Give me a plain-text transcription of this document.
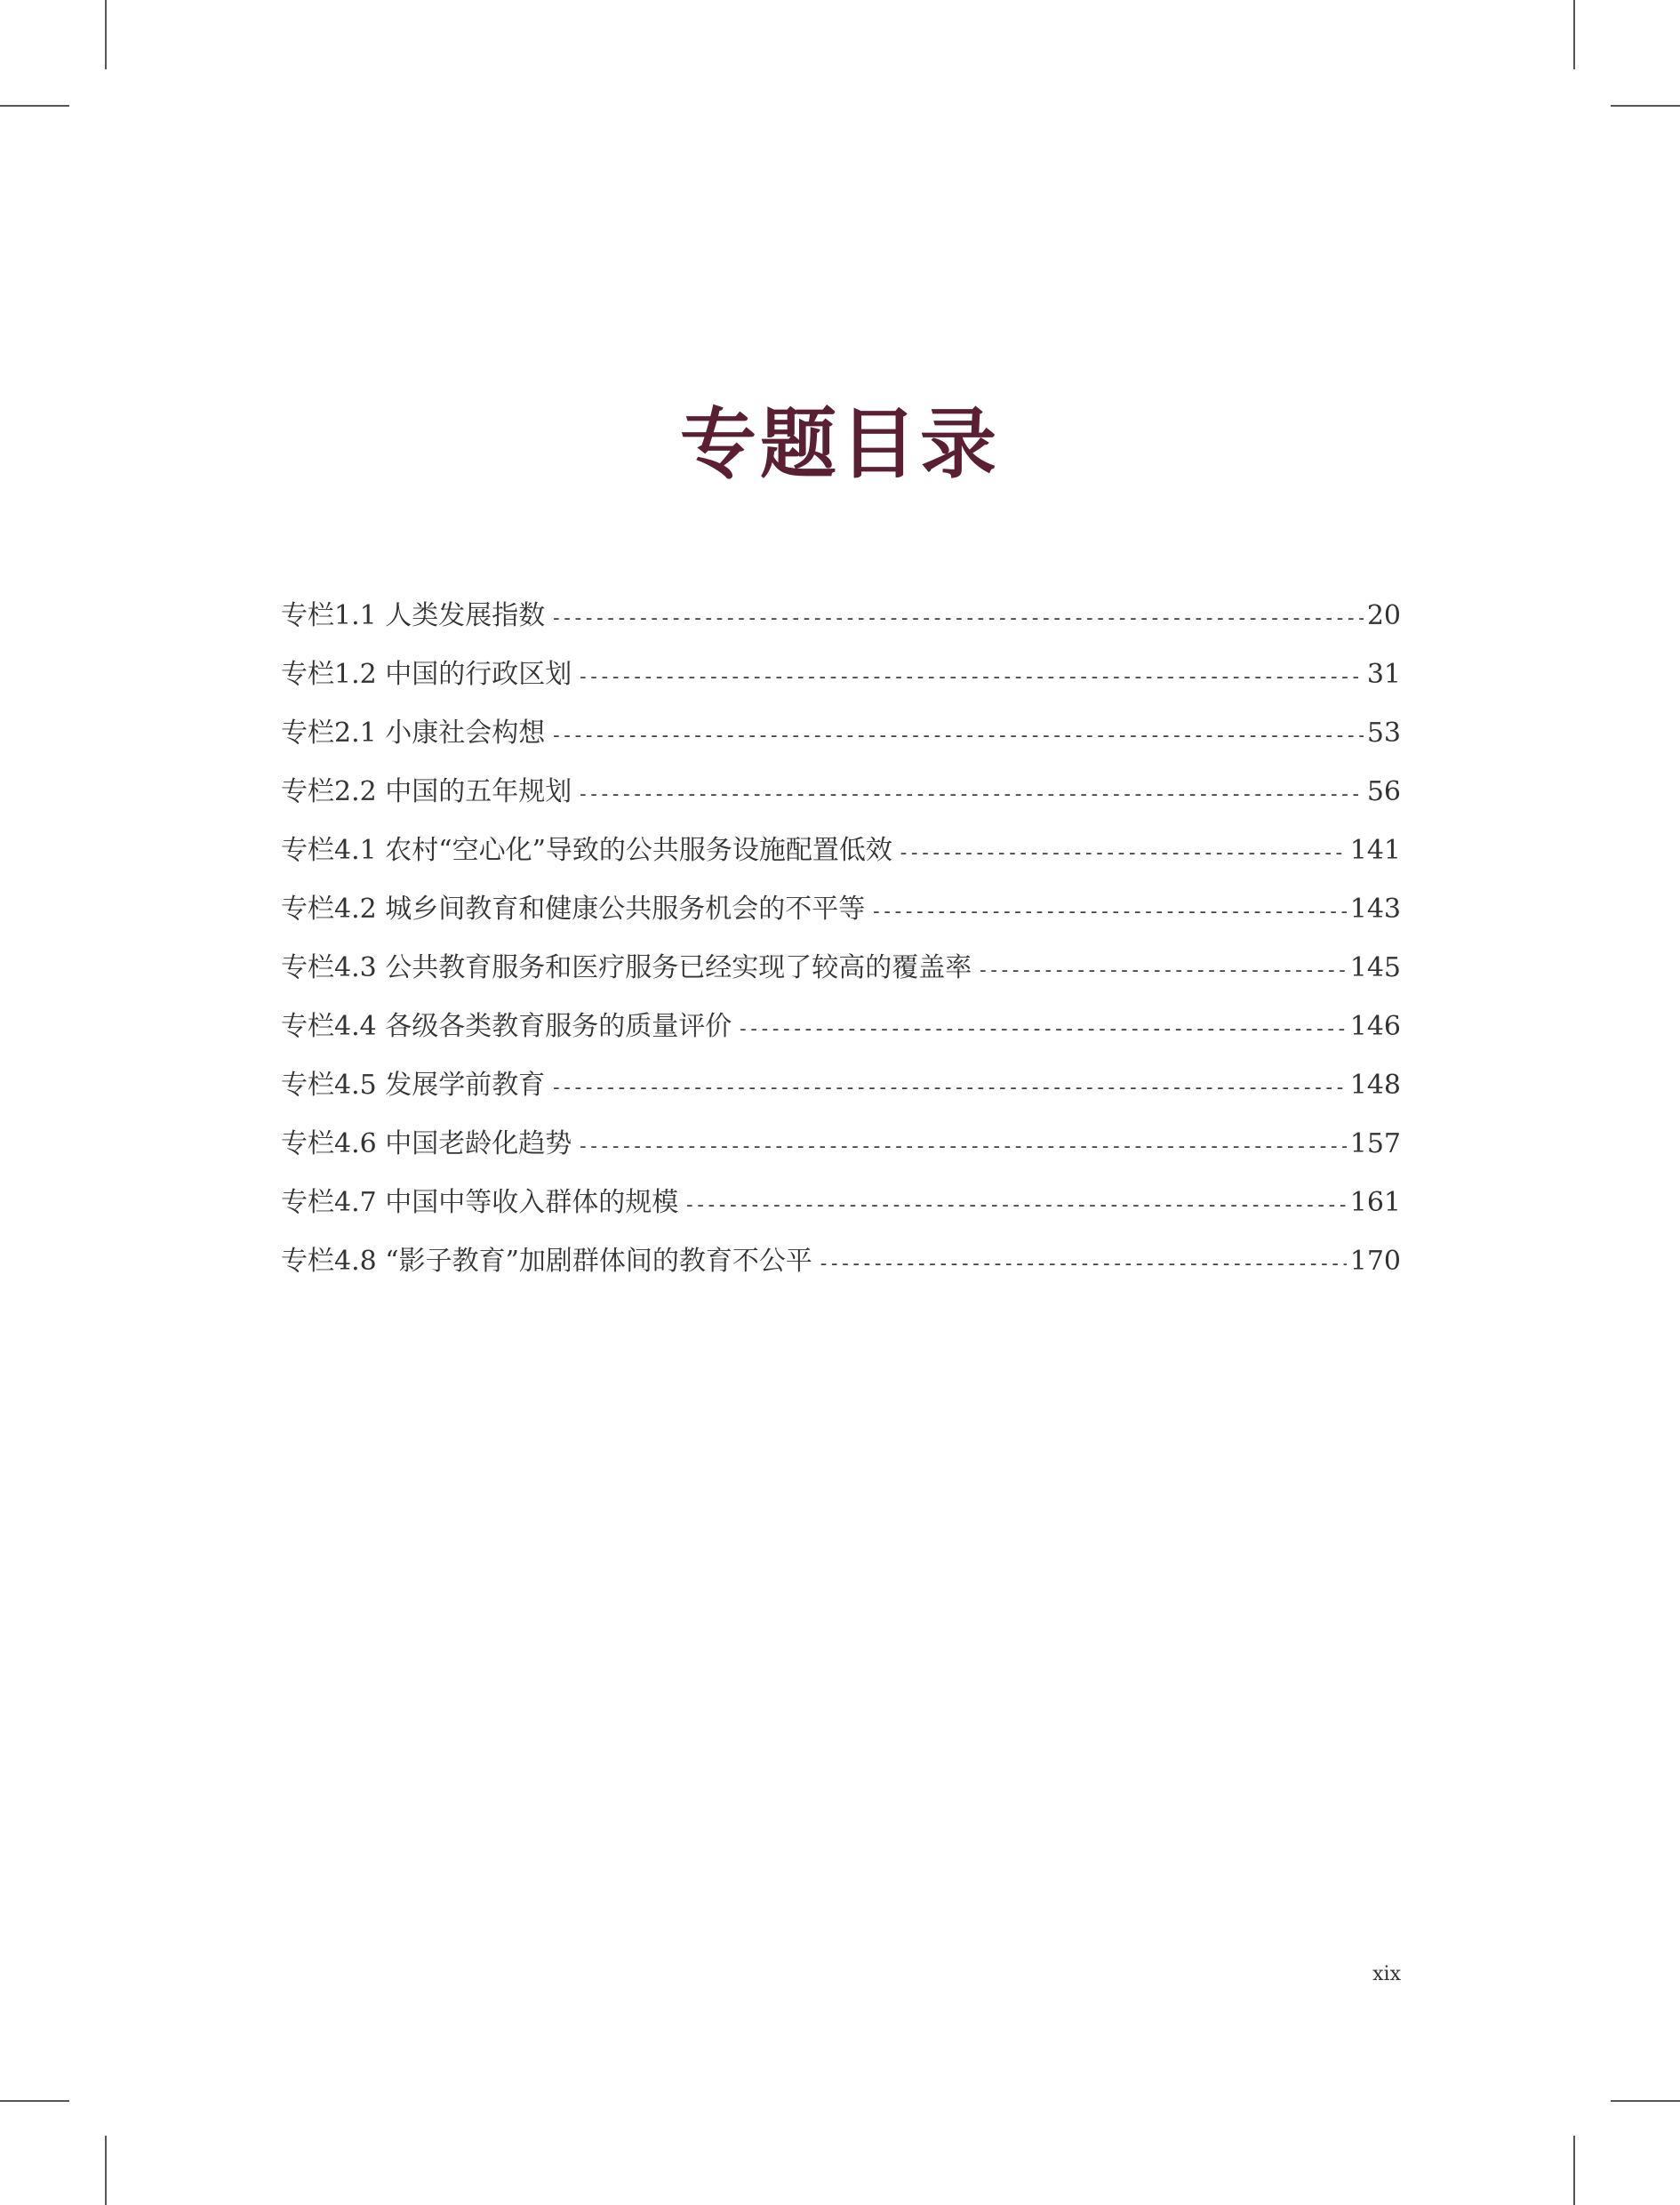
专题目录
专栏1.1 人类发展指数 -----	20
专栏1.2 中国的行政区划 -----	31
专栏2.1 小康社会构想 -----	53
专栏2.2 中国的五年规划 -----	56
专栏4.1 农村“空心化”导致的公共服务设施配置低效 -----	141
专栏4.2 城乡间教育和健康公共服务机会的不平等 -----	143
专栏4.3 公共教育服务和医疗服务已经实现了较高的覆盖率 -----	145
专栏4.4 各级各类教育服务的质量评价 -----	146
专栏4.5 发展学前教育 -----	148
专栏4.6 中国老龄化趋势 -----	157
专栏4.7 中国中等收入群体的规模 -----	161
专栏4.8 “影子教育”加剧群体间的教育不公平 -----	170
xix
